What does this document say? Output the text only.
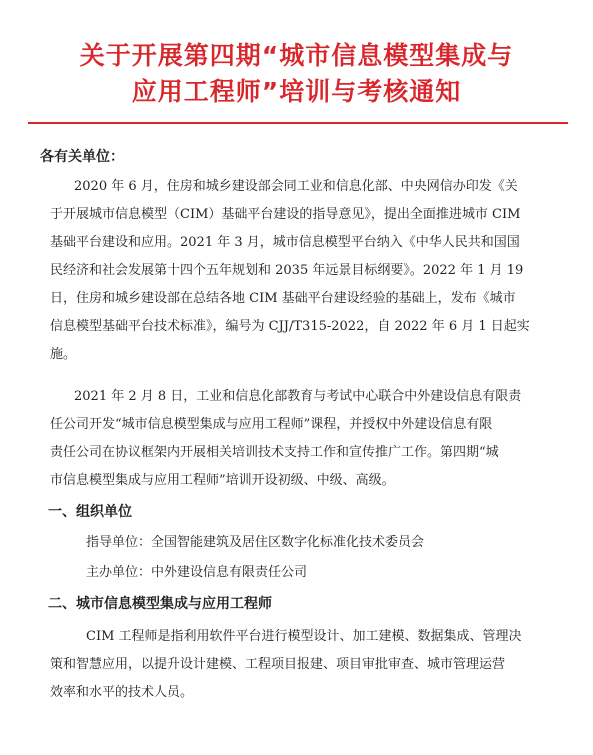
关于开展第四期“城市信息模型集成与
应用工程师”培训与考核通知
各有关单位：
2020 年 6 月，住房和城乡建设部会同工业和信息化部、中央网信办印发《关
于开展城市信息模型（CIM）基础平台建设的指导意见》，提出全面推进城市 CIM
基础平台建设和应用。2021 年 3 月，城市信息模型平台纳入《中华人民共和国国
民经济和社会发展第十四个五年规划和 2035 年远景目标纲要》。2022 年 1 月 19
日，住房和城乡建设部在总结各地 CIM 基础平台建设经验的基础上，发布《城市
信息模型基础平台技术标准》，编号为 CJJ/T315-2022，自 2022 年 6 月 1 日起实
施。
2021 年 2 月 8 日，工业和信息化部教育与考试中心联合中外建设信息有限责
任公司开发“城市信息模型集成与应用工程师”课程，并授权中外建设信息有限
责任公司在协议框架内开展相关培训技术支持工作和宣传推广工作。第四期“城
市信息模型集成与应用工程师”培训开设初级、中级、高级。
一、组织单位
指导单位：全国智能建筑及居住区数字化标准化技术委员会
主办单位：中外建设信息有限责任公司
二、城市信息模型集成与应用工程师
CIM 工程师是指利用软件平台进行模型设计、加工建模、数据集成、管理决
策和智慧应用，以提升设计建模、工程项目报建、项目审批审查、城市管理运营
效率和水平的技术人员。
